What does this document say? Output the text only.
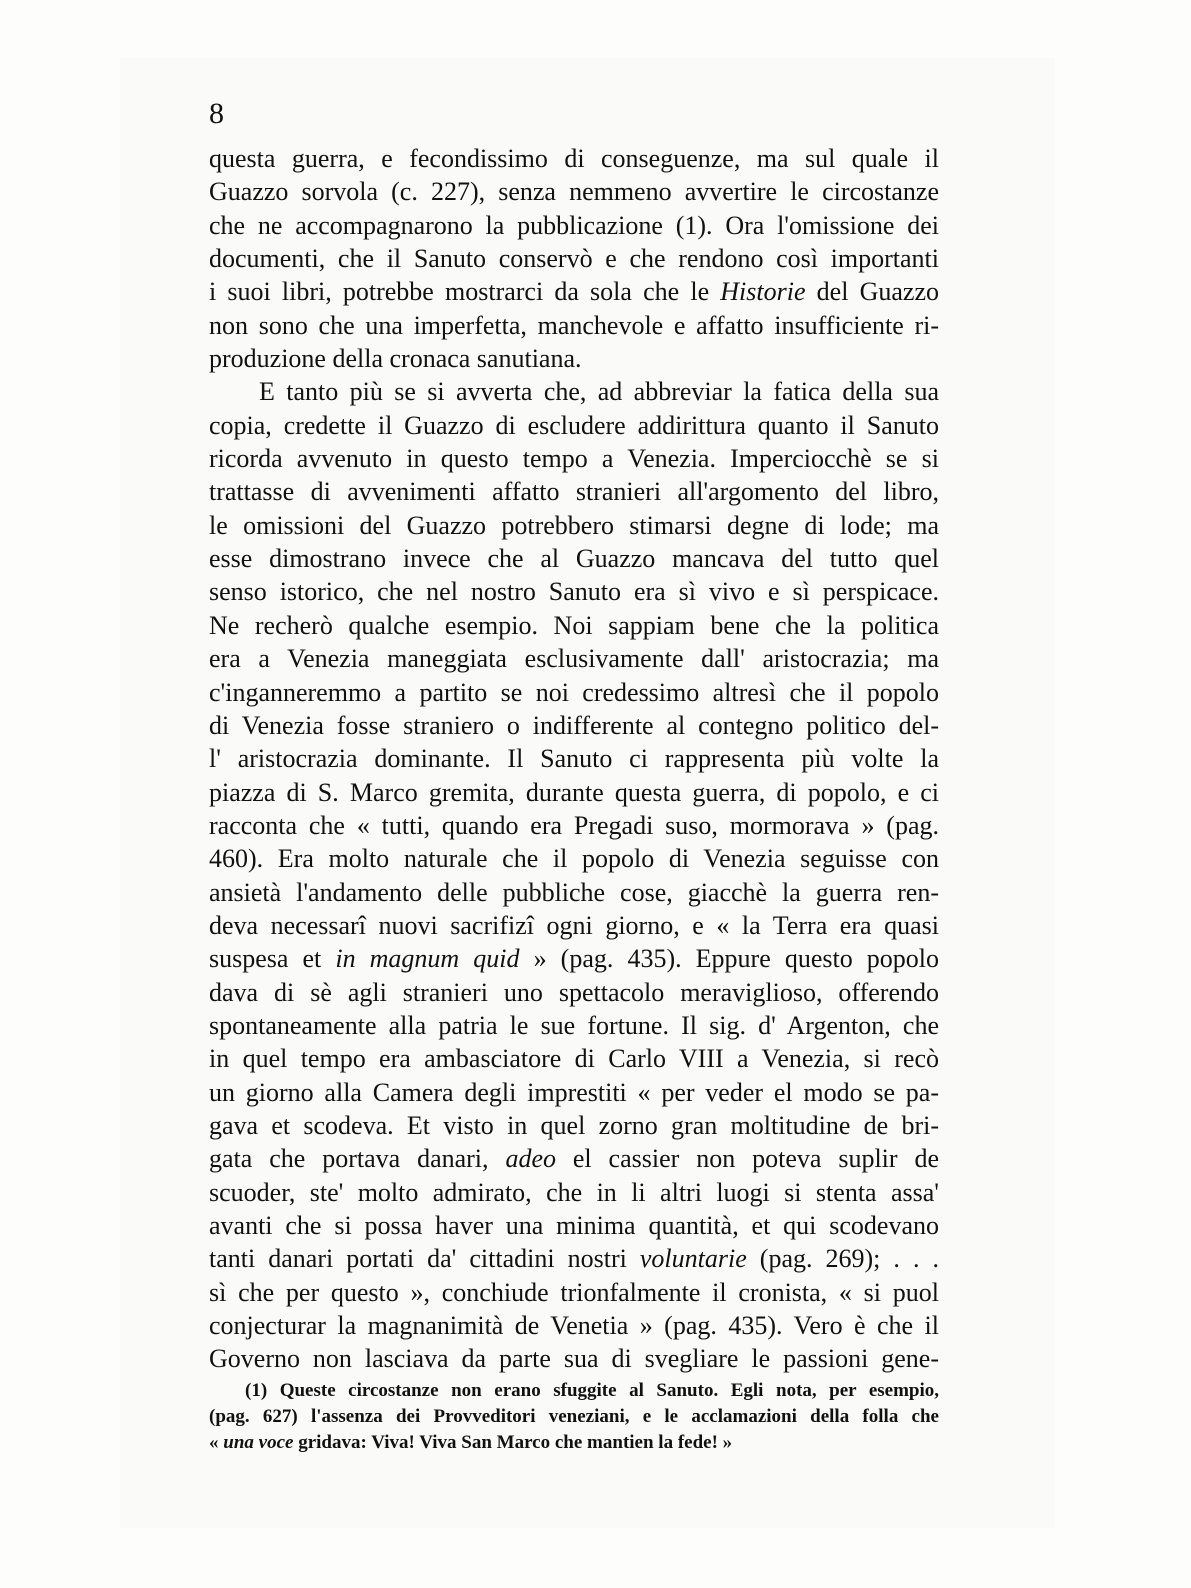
8
questa guerra, e fecondissimo di conseguenze, ma sul quale il
Guazzo sorvola (c. 227), senza nemmeno avvertire le circostanze
che ne accompagnarono la pubblicazione (1). Ora l'omissione dei
documenti, che il Sanuto conservò e che rendono così importanti
i suoi libri, potrebbe mostrarci da sola che le Historie del Guazzo
non sono che una imperfetta, manchevole e affatto insufficiente ri-
produzione della cronaca sanutiana.
E tanto più se si avverta che, ad abbreviar la fatica della sua
copia, credette il Guazzo di escludere addirittura quanto il Sanuto
ricorda avvenuto in questo tempo a Venezia. Imperciocchè se si
trattasse di avvenimenti affatto stranieri all'argomento del libro,
le omissioni del Guazzo potrebbero stimarsi degne di lode; ma
esse dimostrano invece che al Guazzo mancava del tutto quel
senso istorico, che nel nostro Sanuto era sì vivo e sì perspicace.
Ne recherò qualche esempio. Noi sappiam bene che la politica
era a Venezia maneggiata esclusivamente dall' aristocrazia; ma
c'inganneremmo a partito se noi credessimo altresì che il popolo
di Venezia fosse straniero o indifferente al contegno politico del-
l' aristocrazia dominante. Il Sanuto ci rappresenta più volte la
piazza di S. Marco gremita, durante questa guerra, di popolo, e ci
racconta che « tutti, quando era Pregadi suso, mormorava » (pag.
460). Era molto naturale che il popolo di Venezia seguisse con
ansietà l'andamento delle pubbliche cose, giacchè la guerra ren-
deva necessarî nuovi sacrifizî ogni giorno, e « la Terra era quasi
suspesa et in magnum quid » (pag. 435). Eppure questo popolo
dava di sè agli stranieri uno spettacolo meraviglioso, offerendo
spontaneamente alla patria le sue fortune. Il sig. d' Argenton, che
in quel tempo era ambasciatore di Carlo VIII a Venezia, si recò
un giorno alla Camera degli imprestiti « per veder el modo se pa-
gava et scodeva. Et visto in quel zorno gran moltitudine de bri-
gata che portava danari, adeo el cassier non poteva suplir de
scuoder, ste' molto admirato, che in li altri luogi si stenta assa'
avanti che si possa haver una minima quantità, et qui scodevano
tanti danari portati da' cittadini nostri voluntarie (pag. 269); . . .
sì che per questo », conchiude trionfalmente il cronista, « si puol
conjecturar la magnanimità de Venetia » (pag. 435). Vero è che il
Governo non lasciava da parte sua di svegliare le passioni gene-
(1) Queste circostanze non erano sfuggite al Sanuto. Egli nota, per esempio,
(pag. 627) l'assenza dei Provveditori veneziani, e le acclamazioni della folla che
« una voce gridava: Viva! Viva San Marco che mantien la fede! »
